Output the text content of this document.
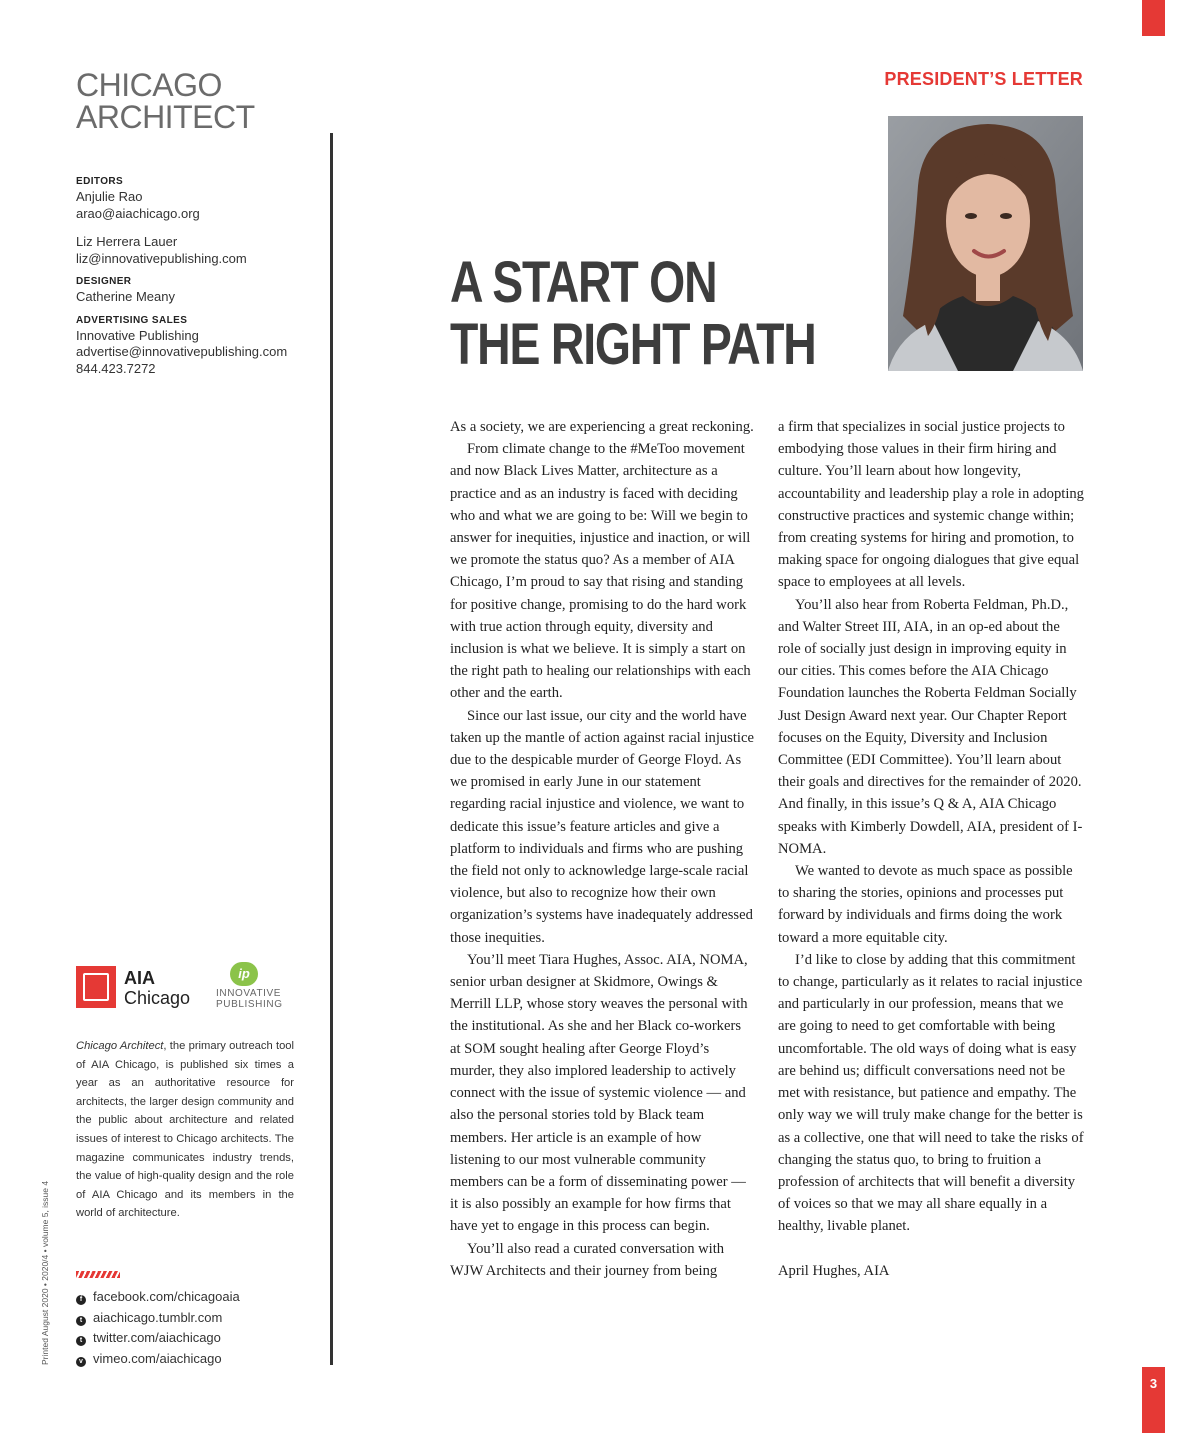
CHICAGO
ARCHITECT
EDITORS
Anjulie Rao
arao@aiachicago.org
Liz Herrera Lauer
liz@innovativepublishing.com
DESIGNER
Catherine Meany
ADVERTISING SALES
Innovative Publishing
advertise@innovativepublishing.com
844.423.7272
AIA
Chicago
ip
INNOVATIVE
PUBLISHING
Chicago Architect, the primary outreach tool of AIA Chicago, is published six times a year as an authoritative resource for architects, the larger design community and the public about architecture and related issues of interest to Chicago architects. The magazine communicates industry trends, the value of high-quality design and the role of AIA Chicago and its members in the world of architecture.
Printed August 2020 • 2020/4 • volume 5, issue 4	f facebook.com/chicagoaia
t aiachicago.tumblr.com
t twitter.com/aiachicago
v vimeo.com/aiachicago
PRESIDENT’S LETTER
A START ON
THE RIGHT PATH

As a society, we are experiencing a great reckoning.

From climate change to the #MeToo movement and now Black Lives Matter, architecture as a practice and as an industry is faced with deciding who and what we are going to be: Will we begin to answer for inequities, injustice and inaction, or will we promote the status quo? As a member of AIA Chicago, I’m proud to say that rising and standing for positive change, promising to do the hard work with true action through equity, diversity and inclusion is what we believe. It is simply a start on the right path to healing our relationships with each other and the earth.

Since our last issue, our city and the world have taken up the mantle of action against racial injustice due to the despicable murder of George Floyd. As we promised in early June in our statement regarding racial injustice and violence, we want to dedicate this issue’s feature articles and give a platform to individuals and firms who are pushing the field not only to acknowledge large-scale racial violence, but also to recognize how their own organization’s systems have inadequately addressed those inequities.

You’ll meet Tiara Hughes, Assoc. AIA, NOMA, senior urban designer at Skidmore, Owings & Merrill LLP, whose story weaves the personal with the institutional. As she and her Black co-workers at SOM sought healing after George Floyd’s murder, they also implored leadership to actively connect with the issue of systemic violence — and also the personal stories told by Black team members. Her article is an example of how listening to our most vulnerable community members can be a form of disseminating power — it is also possibly an example for how firms that have yet to engage in this process can begin.

You’ll also read a curated conversation with WJW Architects and their journey from being

a firm that specializes in social justice projects to embodying those values in their firm hiring and culture. You’ll learn about how longevity, accountability and leadership play a role in adopting constructive practices and systemic change within; from creating systems for hiring and promotion, to making space for ongoing dialogues that give equal space to employees at all levels.

You’ll also hear from Roberta Feldman, Ph.D., and Walter Street III, AIA, in an op-ed about the role of socially just design in improving equity in our cities. This comes before the AIA Chicago Foundation launches the Roberta Feldman Socially Just Design Award next year. Our Chapter Report focuses on the Equity, Diversity and Inclusion Committee (EDI Committee). You’ll learn about their goals and directives for the remainder of 2020. And finally, in this issue’s Q & A, AIA Chicago speaks with Kimberly Dowdell, AIA, president of I-NOMA.

We wanted to devote as much space as possible to sharing the stories, opinions and processes put forward by individuals and firms doing the work toward a more equitable city.

I’d like to close by adding that this commitment to change, particularly as it relates to racial injustice and particularly in our profession, means that we are going to need to get comfortable with being uncomfortable. The old ways of doing what is easy are behind us; difficult conversations need not be met with resistance, but patience and empathy. The only way we will truly make change for the better is as a collective, one that will need to take the risks of changing the status quo, to bring to fruition a profession of architects that will benefit a diversity of voices so that we may all share equally in a healthy, livable planet.

April Hughes, AIA

3
